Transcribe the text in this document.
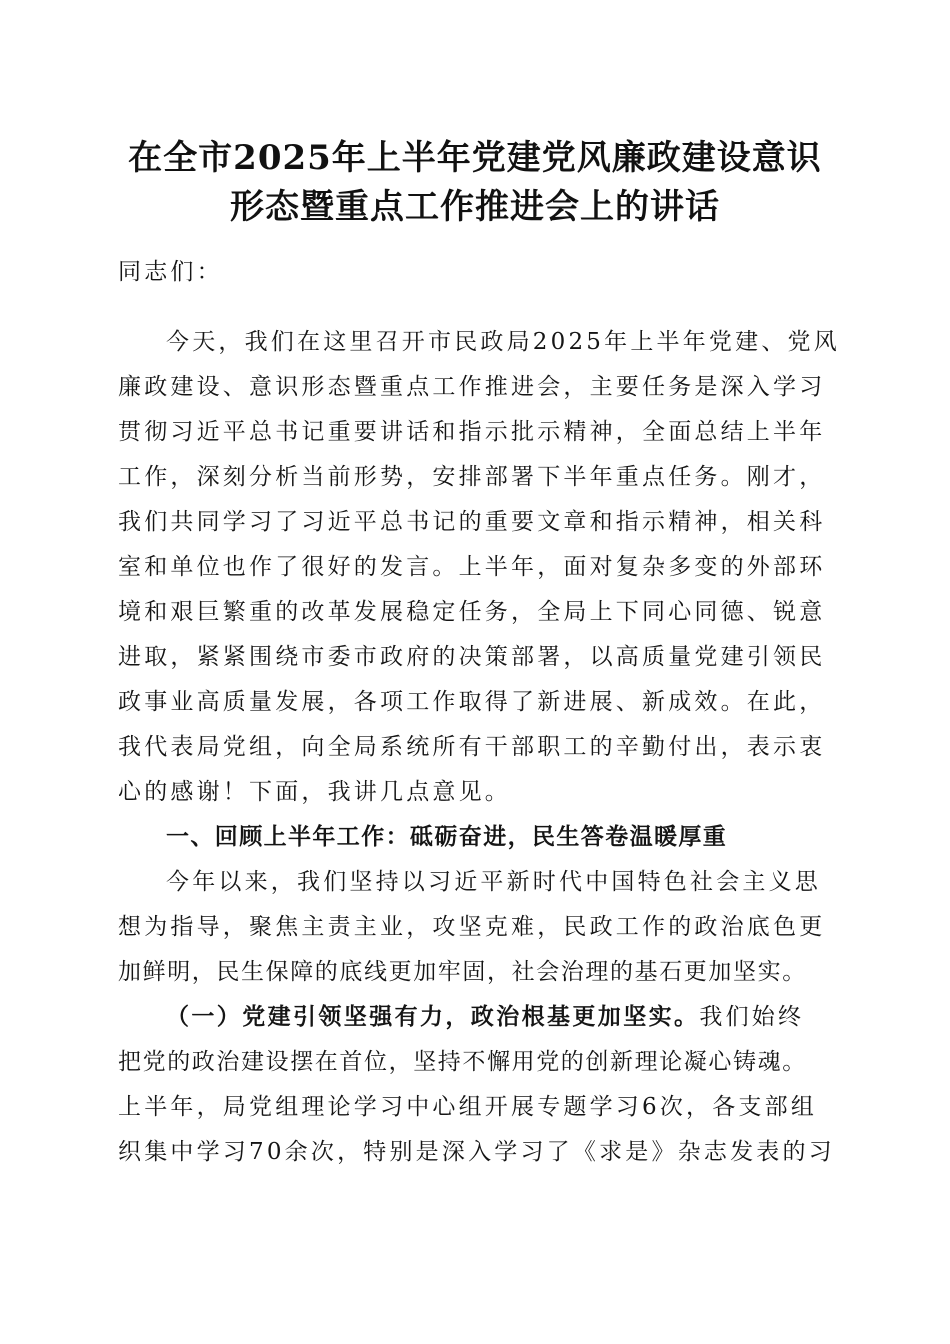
在全市2025年上半年党建党风廉政建设意识
形态暨重点工作推进会上的讲话
同志们：
今天，我们在这里召开市民政局2025年上半年党建、党风
廉政建设、意识形态暨重点工作推进会，主要任务是深入学习
贯彻习近平总书记重要讲话和指示批示精神，全面总结上半年
工作，深刻分析当前形势，安排部署下半年重点任务。刚才，
我们共同学习了习近平总书记的重要文章和指示精神，相关科
室和单位也作了很好的发言。上半年，面对复杂多变的外部环
境和艰巨繁重的改革发展稳定任务，全局上下同心同德、锐意
进取，紧紧围绕市委市政府的决策部署，以高质量党建引领民
政事业高质量发展，各项工作取得了新进展、新成效。在此，
我代表局党组，向全局系统所有干部职工的辛勤付出，表示衷
心的感谢！下面，我讲几点意见。
一、回顾上半年工作：砥砺奋进，民生答卷温暖厚重
今年以来，我们坚持以习近平新时代中国特色社会主义思
想为指导，聚焦主责主业，攻坚克难，民政工作的政治底色更
加鲜明，民生保障的底线更加牢固，社会治理的基石更加坚实。
（一）党建引领坚强有力，政治根基更加坚实。我们始终
把党的政治建设摆在首位，坚持不懈用党的创新理论凝心铸魂。
上半年，局党组理论学习中心组开展专题学习6次，各支部组
织集中学习70余次，特别是深入学习了《求是》杂志发表的习
